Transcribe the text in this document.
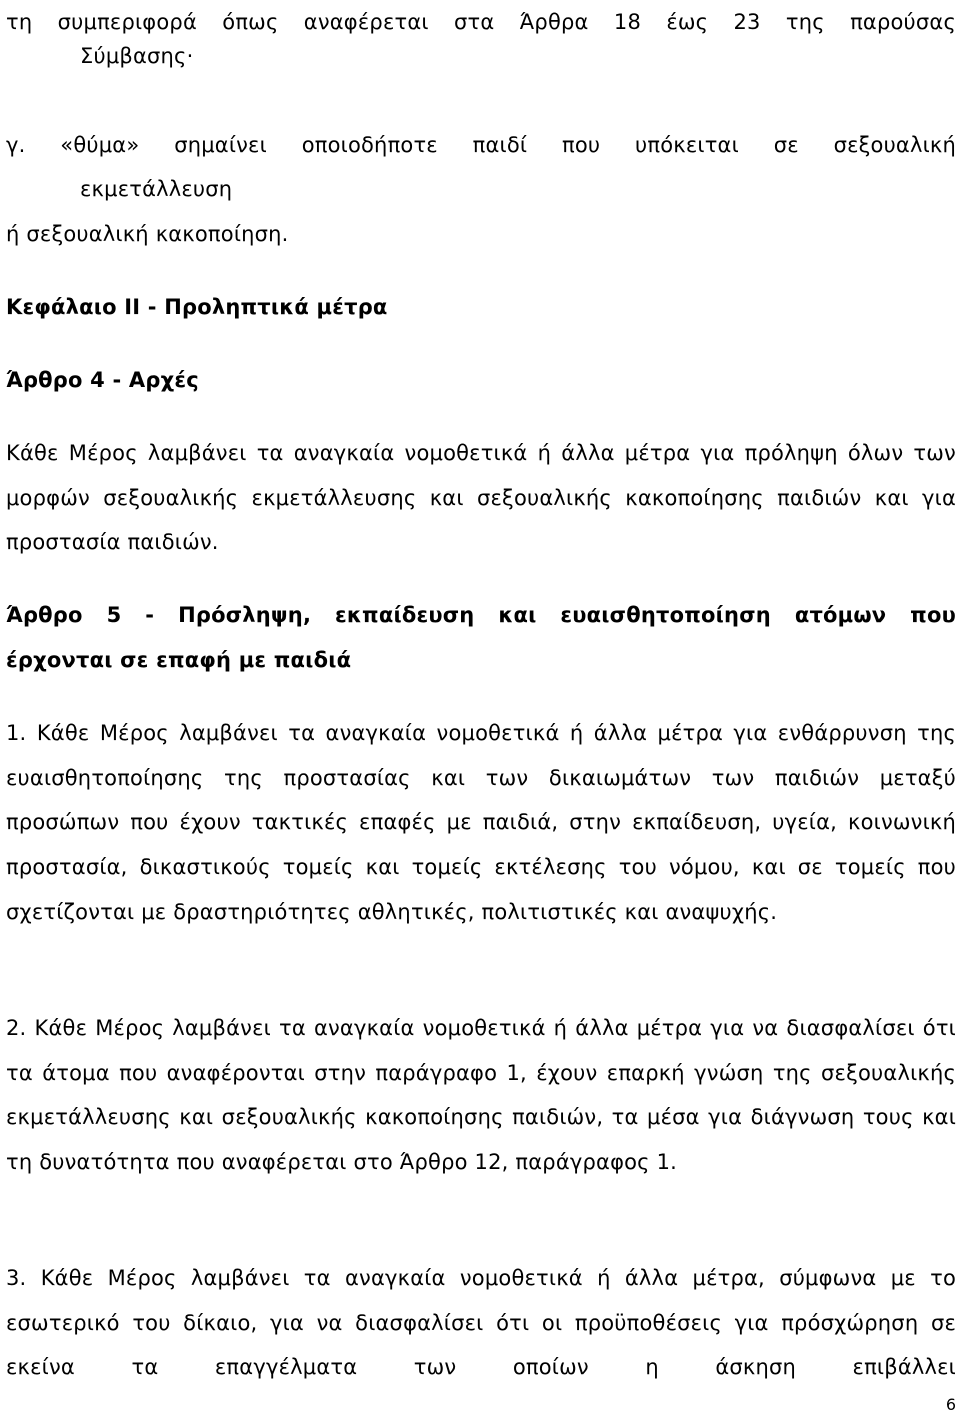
τη συμπεριφορά όπως αναφέρεται στα Άρθρα 18 έως 23 της παρούσας

Σύμβασης·

γ. «θύμα» σημαίνει οποιοδήποτε παιδί που υπόκειται σε σεξουαλική

εκμετάλλευση

ή σεξουαλική κακοποίηση.

Κεφάλαιο ΙΙ - Προληπτικά μέτρα

Άρθρο 4 - Αρχές

Κάθε Μέρος λαμβάνει τα αναγκαία νομοθετικά ή άλλα μέτρα για πρόληψη όλων των μορφών σεξουαλικής εκμετάλλευσης και σεξουαλικής κακοποίησης παιδιών και για προστασία παιδιών.

Άρθρο 5 - Πρόσληψη, εκπαίδευση και ευαισθητοποίηση ατόμων που

έρχονται σε επαφή με παιδιά

1. Κάθε Μέρος λαμβάνει τα αναγκαία νομοθετικά ή άλλα μέτρα για ενθάρρυνση της ευαισθητοποίησης της προστασίας και των δικαιωμάτων των παιδιών μεταξύ προσώπων που έχουν τακτικές επαφές με παιδιά, στην εκπαίδευση, υγεία, κοινωνική προστασία, δικαστικούς τομείς και τομείς εκτέλεσης του νόμου, και σε τομείς που σχετίζονται με δραστηριότητες αθλητικές, πολιτιστικές και αναψυχής.

2. Κάθε Μέρος λαμβάνει τα αναγκαία νομοθετικά ή άλλα μέτρα για να διασφαλίσει ότι τα άτομα που αναφέρονται στην παράγραφο 1, έχουν επαρκή γνώση της σεξουαλικής εκμετάλλευσης και σεξουαλικής κακοποίησης παιδιών, τα μέσα για διάγνωση τους και τη δυνατότητα που αναφέρεται στο Άρθρο 12, παράγραφος 1.

3. Κάθε Μέρος λαμβάνει τα αναγκαία νομοθετικά ή άλλα μέτρα, σύμφωνα με το εσωτερικό του δίκαιο, για να διασφαλίσει ότι οι προϋποθέσεις για πρόσχώρηση σε εκείνα τα επαγγέλματα των οποίων η άσκηση επιβάλλει

6
